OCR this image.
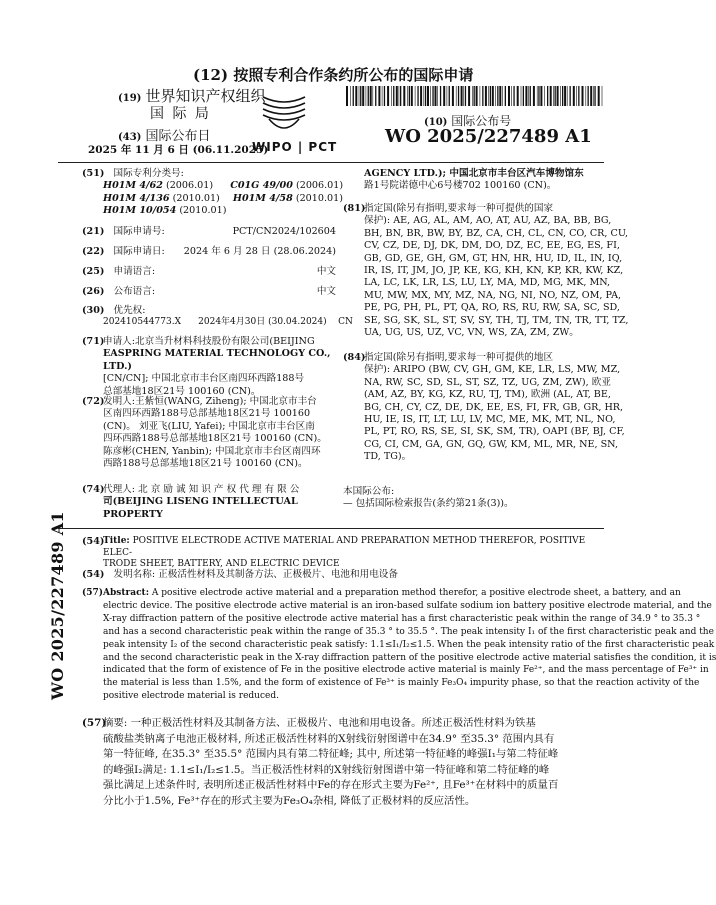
(12) 按照专利合作条约所公布的国际申请
(19) 世界知识产权组织
国 际 局
(43) 国际公布日
2025 年 11 月 6 日 (06.11.2025)
WIPO | PCT
(10) 国际公布号
WO 2025/227489 A1
WO 2025/227489 A1
(51) 国际专利分类号:
H01M 4/62 (2006.01) C01G 49/00 (2006.01)
H01M 4/136 (2010.01) H01M 4/58 (2010.01)
H01M 10/054 (2010.01)
(21) 国际申请号:	PCT/CN2024/102604
(22) 国际申请日: 2024 年 6 月 28 日 (28.06.2024)
(25) 申请语言:	中文
(26) 公布语言:	中文
(30) 优先权:
202410544773.X      2024年4月30日 (30.04.2024)    CN
(71)
申请人:北京当升材料科技股份有限公司(BEIJING
EASPRING MATERIAL TECHNOLOGY CO., LTD.)
[CN/CN]; 中国北京市丰台区南四环西路188号
总部基地18区21号 100160 (CN)。
(72)
发明人:王紫恒(WANG, Ziheng); 中国北京市丰台
区南四环西路188号总部基地18区21号 100160
(CN)。 刘亚飞(LIU, Yafei); 中国北京市丰台区南
四环西路188号总部基地18区21号 100160 (CN)。
陈彦彬(CHEN, Yanbin); 中国北京市丰台区南四环
西路188号总部基地18区21号 100160 (CN)。
(74)
代理人: 北 京 励 诚 知 识 产 权 代 理 有 限 公
司(BEIJING LISENG INTELLECTUAL PROPERTY
AGENCY LTD.); 中国北京市丰台区汽车博物馆东
路1号院诺德中心6号楼702 100160 (CN)。
(81)
指定国(除另有指明,要求每一种可提供的国家
保护): AE, AG, AL, AM, AO, AT, AU, AZ, BA, BB, BG,
BH, BN, BR, BW, BY, BZ, CA, CH, CL, CN, CO, CR, CU,
CV, CZ, DE, DJ, DK, DM, DO, DZ, EC, EE, EG, ES, FI,
GB, GD, GE, GH, GM, GT, HN, HR, HU, ID, IL, IN, IQ,
IR, IS, IT, JM, JO, JP, KE, KG, KH, KN, KP, KR, KW, KZ,
LA, LC, LK, LR, LS, LU, LY, MA, MD, MG, MK, MN,
MU, MW, MX, MY, MZ, NA, NG, NI, NO, NZ, OM, PA,
PE, PG, PH, PL, PT, QA, RO, RS, RU, RW, SA, SC, SD,
SE, SG, SK, SL, ST, SV, SY, TH, TJ, TM, TN, TR, TT, TZ,
UA, UG, US, UZ, VC, VN, WS, ZA, ZM, ZW。
(84)
指定国(除另有指明,要求每一种可提供的地区
保护): ARIPO (BW, CV, GH, GM, KE, LR, LS, MW, MZ,
NA, RW, SC, SD, SL, ST, SZ, TZ, UG, ZM, ZW), 欧亚
(AM, AZ, BY, KG, KZ, RU, TJ, TM), 欧洲 (AL, AT, BE,
BG, CH, CY, CZ, DE, DK, EE, ES, FI, FR, GB, GR, HR,
HU, IE, IS, IT, LT, LU, LV, MC, ME, MK, MT, NL, NO,
PL, PT, RO, RS, SE, SI, SK, SM, TR), OAPI (BF, BJ, CF,
CG, CI, CM, GA, GN, GQ, GW, KM, ML, MR, NE, SN,
TD, TG)。
本国际公布:
— 包括国际检索报告(条约第21条(3))。
(54)
Title: POSITIVE ELECTRODE ACTIVE MATERIAL AND PREPARATION METHOD THEREFOR, POSITIVE ELEC-
TRODE SHEET, BATTERY, AND ELECTRIC DEVICE
(54) 发明名称: 正极活性材料及其制备方法、正极极片、电池和用电设备
(57) Abstract: A positive electrode active material and a preparation method therefor, a positive electrode sheet, a battery, and an
electric device. The positive electrode active material is an iron-based sulfate sodium ion battery positive electrode material, and the
X-ray diffraction pattern of the positive electrode active material has a first characteristic peak within the range of 34.9 ° to 35.3 °
and has a second characteristic peak within the range of 35.3 ° to 35.5 °. The peak intensity I₁ of the first characteristic peak and the
peak intensity I₂ of the second characteristic peak satisfy: 1.1≤I₁/I₂≤1.5. When the peak intensity ratio of the first characteristic peak
and the second characteristic peak in the X-ray diffraction pattern of the positive electrode active material satisfies the condition, it is
indicated that the form of existence of Fe in the positive electrode active material is mainly Fe²⁺, and the mass percentage of Fe³⁺ in
the material is less than 1.5%, and the form of existence of Fe³⁺ is mainly Fe₃O₄ impurity phase, so that the reaction activity of the
positive electrode material is reduced.
(57)
摘要: 一种正极活性材料及其制备方法、正极极片、电池和用电设备。所述正极活性材料为铁基
硫酸盐类钠离子电池正极材料, 所述正极活性材料的X射线衍射图谱中在34.9° 至35.3° 范围内具有
第一特征峰, 在35.3° 至35.5° 范围内具有第二特征峰; 其中, 所述第一特征峰的峰强I₁与第二特征峰
的峰强I₂满足: 1.1≤I₁/I₂≤1.5。当正极活性材料的X射线衍射图谱中第一特征峰和第二特征峰的峰
强比满足上述条件时, 表明所述正极活性材料中Fe的存在形式主要为Fe²⁺, 且Fe³⁺在材料中的质量百
分比小于1.5%, Fe³⁺存在的形式主要为Fe₃O₄杂相, 降低了正极材料的反应活性。
